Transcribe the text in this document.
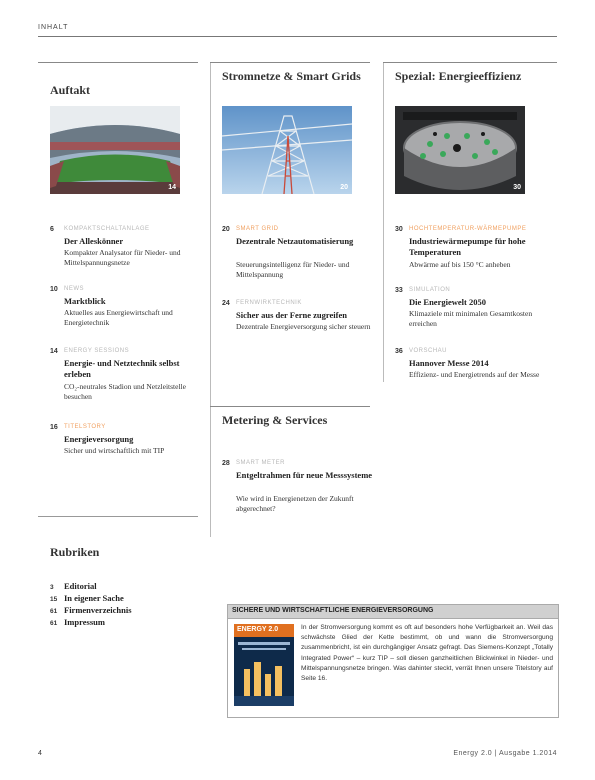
INHALT
Auftakt
14
6 KOMPAKTSCHALTANLAGE
Der Alleskönner
Kompakter Analysator für Nieder- und Mittelspannungsnetze
10 NEWS
Marktblick
Aktuelles aus Energiewirtschaft und Energietechnik
14 ENERGY SESSIONS
Energie- und Netztechnik selbst erleben
CO₂-neutrales Stadion und Netzleitstelle besuchen
16 TITELSTORY
Energieversorgung
Sicher und wirtschaftlich mit TIP
Stromnetze & Smart Grids
20
20 SMART GRID
Dezentrale Netzautomatisierung
Steuerungsintelligenz für Nieder- und Mittelspannung
24 FERNWIRKTECHNIK
Sicher aus der Ferne zugreifen
Dezentrale Energieversorgung sicher steuern
Metering & Services
28 SMART METER
Entgeltrahmen für neue Messsysteme
Wie wird in Energienetzen der Zukunft abgerechnet?
Spezial: Energieeffizienz
30
30 HOCHTEMPERATUR-WÄRMEPUMPE
Industriewärmepumpe für hohe Temperaturen
Abwärme auf bis 150 °C anheben
33 SIMULATION
Die Energiewelt 2050
Klimaziele mit minimalen Gesamtkosten erreichen
36 VORSCHAU
Hannover Messe 2014
Effizienz- und Energietrends auf der Messe
Rubriken
3 Editorial
15 In eigener Sache
61 Firmenverzeichnis
61 Impressum
SICHERE UND WIRTSCHAFTLICHE ENERGIEVERSORGUNG
ENERGY 2.0	In der Stromversorgung kommt es oft auf besonders hohe Verfügbarkeit an. Weil das schwächste Glied der Kette bestimmt, ob und wann die Stromversorgung zusammenbricht, ist ein durchgängiger Ansatz gefragt. Das Siemens-Konzept „Totally Integrated Power“ – kurz TIP – soll diesen ganzheitlichen Blickwinkel in Nieder- und Mittelspannungsnetze bringen. Was dahinter steckt, verrät Ihnen unsere Titelstory auf Seite 16.
4	Energy 2.0 | Ausgabe 1.2014
